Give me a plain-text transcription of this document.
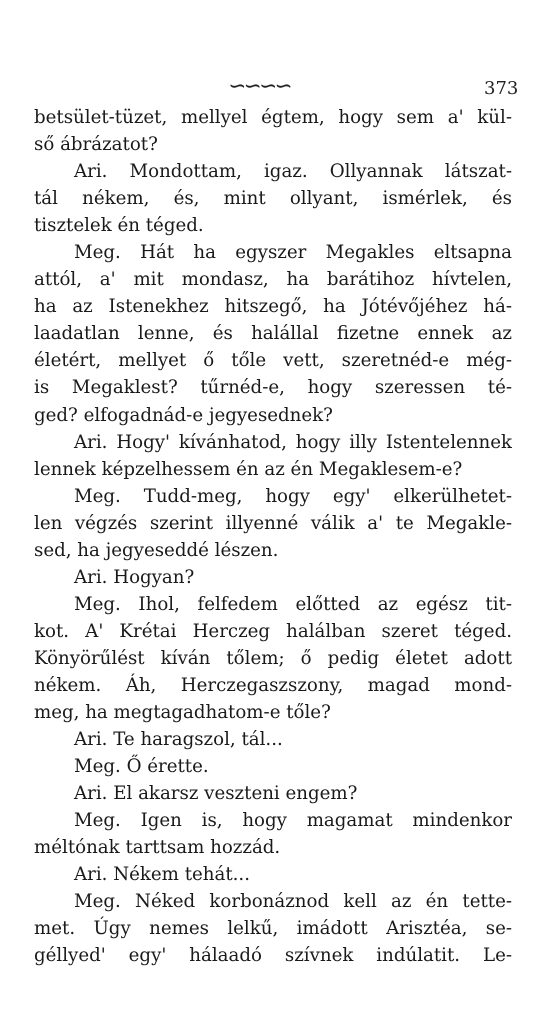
∽∽∽∽	373
betsület-tüzet, mellyel égtem, hogy sem a' kül-
ső ábrázatot?
Ari. Mondottam, igaz. Ollyannak látszat-
tál nékem, és, mint ollyant, ismérlek, és
tisztelek én téged.
Meg. Hát ha egyszer Megakles eltsapna
attól, a' mit mondasz, ha barátihoz hívtelen,
ha az Istenekhez hitszegő, ha Jótévőjéhez há-
laadatlan lenne, és halállal fizetne ennek az
életért, mellyet ő tőle vett, szeretnéd-e még-
is Megaklest? tűrnéd-e, hogy szeressen té-
ged? elfogadnád-e jegyesednek?
Ari. Hogy' kívánhatod, hogy illy Istentelennek
lennek képzelhessem én az én Megaklesem-e?
Meg. Tudd-meg, hogy egy' elkerülhetet-
len végzés szerint illyenné válik a' te Megakle-
sed, ha jegyeseddé lészen.
Ari. Hogyan?
Meg. Ihol, felfedem előtted az egész tit-
kot. A' Krétai Herczeg halálban szeret téged.
Könyörűlést kíván tőlem; ő pedig életet adott
nékem. Áh, Herczegaszszony, magad mond-
meg, ha megtagadhatom-e tőle?
Ari. Te haragszol, tál...
Meg. Ő érette.
Ari. El akarsz veszteni engem?
Meg. Igen is, hogy magamat mindenkor
méltónak tarttsam hozzád.
Ari. Nékem tehát...
Meg. Néked korbonáznod kell az én tette-
met. Úgy nemes lelkű, imádott Arisztéa, se-
géllyed' egy' hálaadó szívnek indúlatit. Le-
